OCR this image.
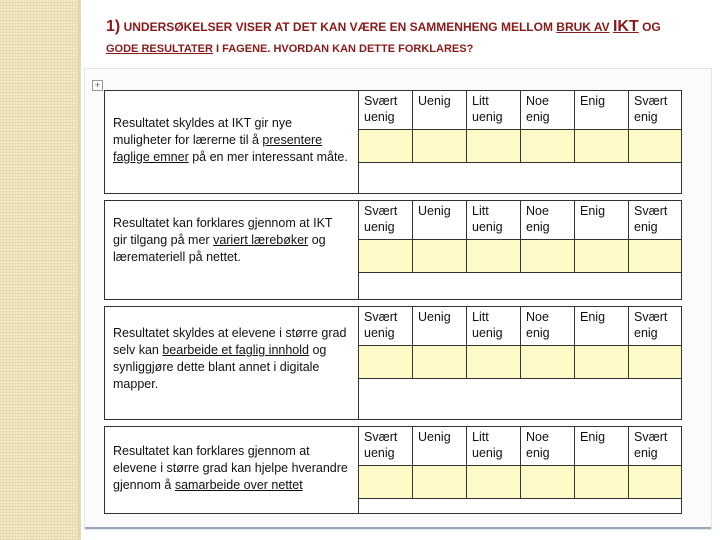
1) UNDERSØKELSER VISER AT DET KAN VÆRE EN SAMMENHENG MELLOM BRUK AV IKT OG
GODE RESULTATER I FAGENE. HVORDAN KAN DETTE FORKLARES?
+
Resultatet skyldes at IKT gir nye muligheter for lærerne til å presentere faglige emner på en mer interessant måte.	Svært uenig	Uenig	Litt uenig	Noe enig	Enig	Svært enig

Resultatet kan forklares gjennom at IKT gir tilgang på mer variert lærebøker og læremateriell på nettet.	Svært uenig	Uenig	Litt uenig	Noe enig	Enig	Svært enig

Resultatet skyldes at elevene i større grad selv kan bearbeide et faglig innhold og synliggjøre dette blant annet i digitale mapper.	Svært uenig	Uenig	Litt uenig	Noe enig	Enig	Svært enig

Resultatet kan forklares gjennom at elevene i større grad kan hjelpe hverandre gjennom å samarbeide over nettet	Svært uenig	Uenig	Litt uenig	Noe enig	Enig	Svært enig
